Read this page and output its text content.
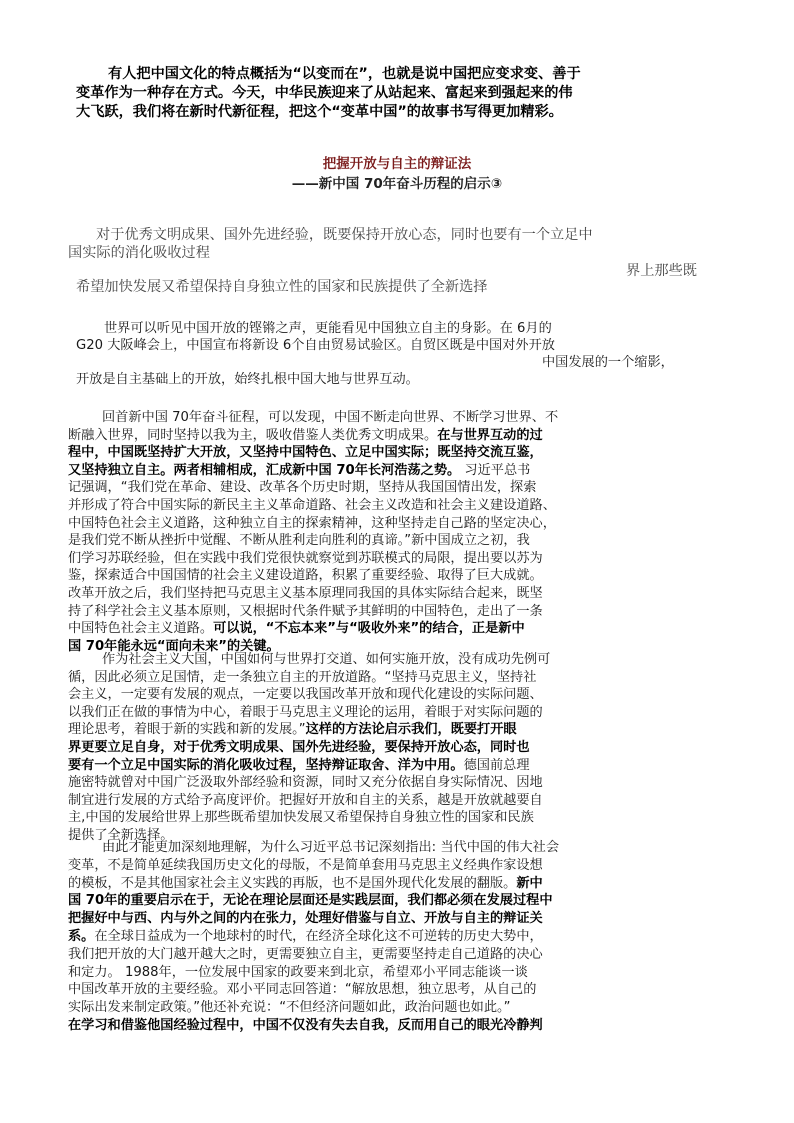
有人把中国文化的特点概括为“以变而在”，也就是说中国把应变求变、善于
变革作为一种存在方式。今天，中华民族迎来了从站起来、富起来到强起来的伟
大飞跃，我们将在新时代新征程，把这个“变革中国”的故事书写得更加精彩。
把握开放与自主的辩证法
——新中国 70年奋斗历程的启示③
对于优秀文明成果、国外先进经验，既要保持开放心态，同时也要有一个立足中
国实际的消化吸收过程
界上那些既
希望加快发展又希望保持自身独立性的国家和民族提供了全新选择
世界可以听见中国开放的铿锵之声，更能看见中国独立自主的身影。在 6月的
G20 大阪峰会上，中国宣布将新设 6个自由贸易试验区。自贸区既是中国对外开放
中国发展的一个缩影，
开放是自主基础上的开放，始终扎根中国大地与世界互动。
回首新中国 70年奋斗征程，可以发现，中国不断走向世界、不断学习世界、不
断融入世界，同时坚持以我为主，吸收借鉴人类优秀文明成果。在与世界互动的过
程中，中国既坚持扩大开放，又坚持中国特色、立足中国实际；既坚持交流互鉴，
又坚持独立自主。两者相辅相成，汇成新中国 70年长河浩荡之势。 习近平总书
记强调，“我们党在革命、建设、改革各个历史时期，坚持从我国国情出发，探索
并形成了符合中国实际的新民主主义革命道路、社会主义改造和社会主义建设道路、
中国特色社会主义道路，这种独立自主的探索精神，这种坚持走自己路的坚定决心，
是我们党不断从挫折中觉醒、不断从胜利走向胜利的真谛。”新中国成立之初，我
们学习苏联经验，但在实践中我们党很快就察觉到苏联模式的局限，提出要以苏为
鉴，探索适合中国国情的社会主义建设道路，积累了重要经验、取得了巨大成就。
改革开放之后，我们坚持把马克思主义基本原理同我国的具体实际结合起来，既坚
持了科学社会主义基本原则，又根据时代条件赋予其鲜明的中国特色，走出了一条
中国特色社会主义道路。可以说，“不忘本来”与“吸收外来”的结合，正是新中
国 70年能永远“面向未来”的关键。
作为社会主义大国，中国如何与世界打交道、如何实施开放，没有成功先例可
循，因此必须立足国情，走一条独立自主的开放道路。“坚持马克思主义，坚持社
会主义，一定要有发展的观点，一定要以我国改革开放和现代化建设的实际问题、
以我们正在做的事情为中心，着眼于马克思主义理论的运用，着眼于对实际问题的
理论思考，着眼于新的实践和新的发展。”这样的方法论启示我们，既要打开眼
界更要立足自身，对于优秀文明成果、国外先进经验，要保持开放心态，同时也
要有一个立足中国实际的消化吸收过程，坚持辩证取舍、洋为中用。德国前总理
施密特就曾对中国广泛汲取外部经验和资源，同时又充分依据自身实际情况、因地
制宜进行发展的方式给予高度评价。把握好开放和自主的关系，越是开放就越要自
主,中国的发展给世界上那些既希望加快发展又希望保持自身独立性的国家和民族
提供了全新选择。
由此才能更加深刻地理解，为什么习近平总书记深刻指出: 当代中国的伟大社会
变革，不是简单延续我国历史文化的母版，不是简单套用马克思主义经典作家设想
的模板，不是其他国家社会主义实践的再版，也不是国外现代化发展的翻版。新中
国 70年的重要启示在于，无论在理论层面还是实践层面，我们都必须在发展过程中
把握好中与西、内与外之间的内在张力，处理好借鉴与自立、开放与自主的辩证关
系。在全球日益成为一个地球村的时代，在经济全球化这不可逆转的历史大势中，
我们把开放的大门越开越大之时，更需要独立自主，更需要坚持走自己道路的决心
和定力。 1988年，一位发展中国家的政要来到北京，希望邓小平同志能谈一谈
中国改革开放的主要经验。邓小平同志回答道：“解放思想，独立思考，从自己的
实际出发来制定政策。”他还补充说：“不但经济问题如此，政治问题也如此。”
在学习和借鉴他国经验过程中，中国不仅没有失去自我，反而用自己的眼光冷静判
